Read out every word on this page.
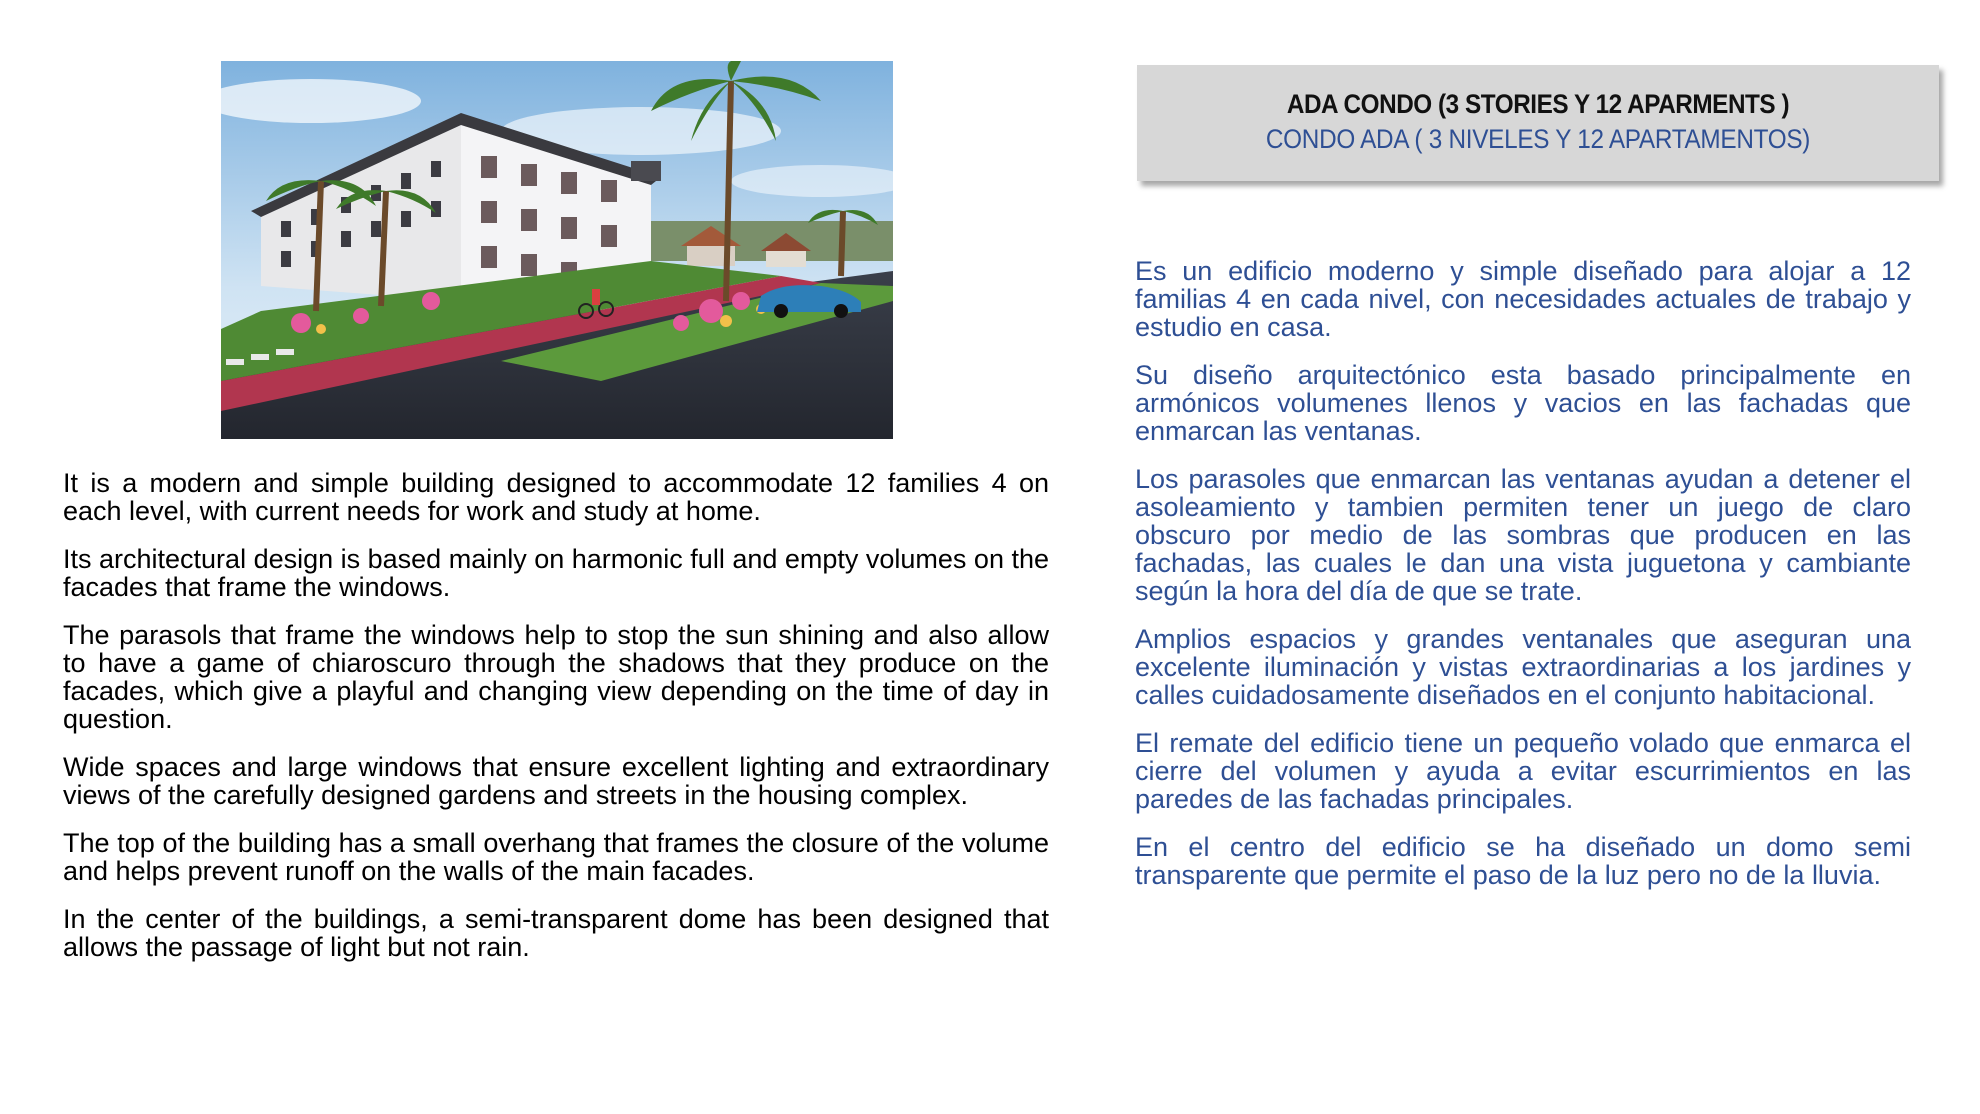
ADA CONDO (3 STORIES Y 12 APARMENTS )
CONDO ADA ( 3 NIVELES Y 12 APARTAMENTOS)

It is a modern and simple building designed to accommodate 12 families 4 on each level, with current needs for work and study at home.

Its architectural design is based mainly on harmonic full and empty volumes on the facades that frame the windows.

The parasols that frame the windows help to stop the sun shining and also allow to have a game of chiaroscuro through the shadows that they produce on the facades, which give a playful and changing view depending on the time of day in question.

Wide spaces and large windows that ensure excellent lighting and extraordinary views of the carefully designed gardens and streets in the housing complex.

The top of the building has a small overhang that frames the closure of the volume and helps prevent runoff on the walls of the main facades.

In the center of the buildings, a semi-transparent dome has been designed that allows the passage of light but not rain.

Es un edificio moderno y simple diseñado para alojar a 12 familias 4 en cada nivel, con necesidades actuales de trabajo y estudio en casa.

Su diseño arquitectónico esta basado principalmente en armónicos volumenes llenos y vacios en las fachadas que enmarcan las ventanas.

Los parasoles que enmarcan las ventanas ayudan a detener el asoleamiento y tambien permiten tener un juego de claro obscuro por medio de las sombras que producen en las fachadas, las cuales le dan una vista juguetona y cambiante según la hora del día de que se trate.

Amplios espacios y grandes ventanales que aseguran una excelente iluminación y vistas extraordinarias a los jardines y calles cuidadosamente diseñados en el conjunto habitacional.

El remate del edificio tiene un pequeño volado que enmarca el cierre del volumen y ayuda a evitar escurrimientos en las paredes de las fachadas principales.

En el centro del edificio se ha diseñado un domo semi transparente que permite el paso de la luz pero no de la lluvia.
